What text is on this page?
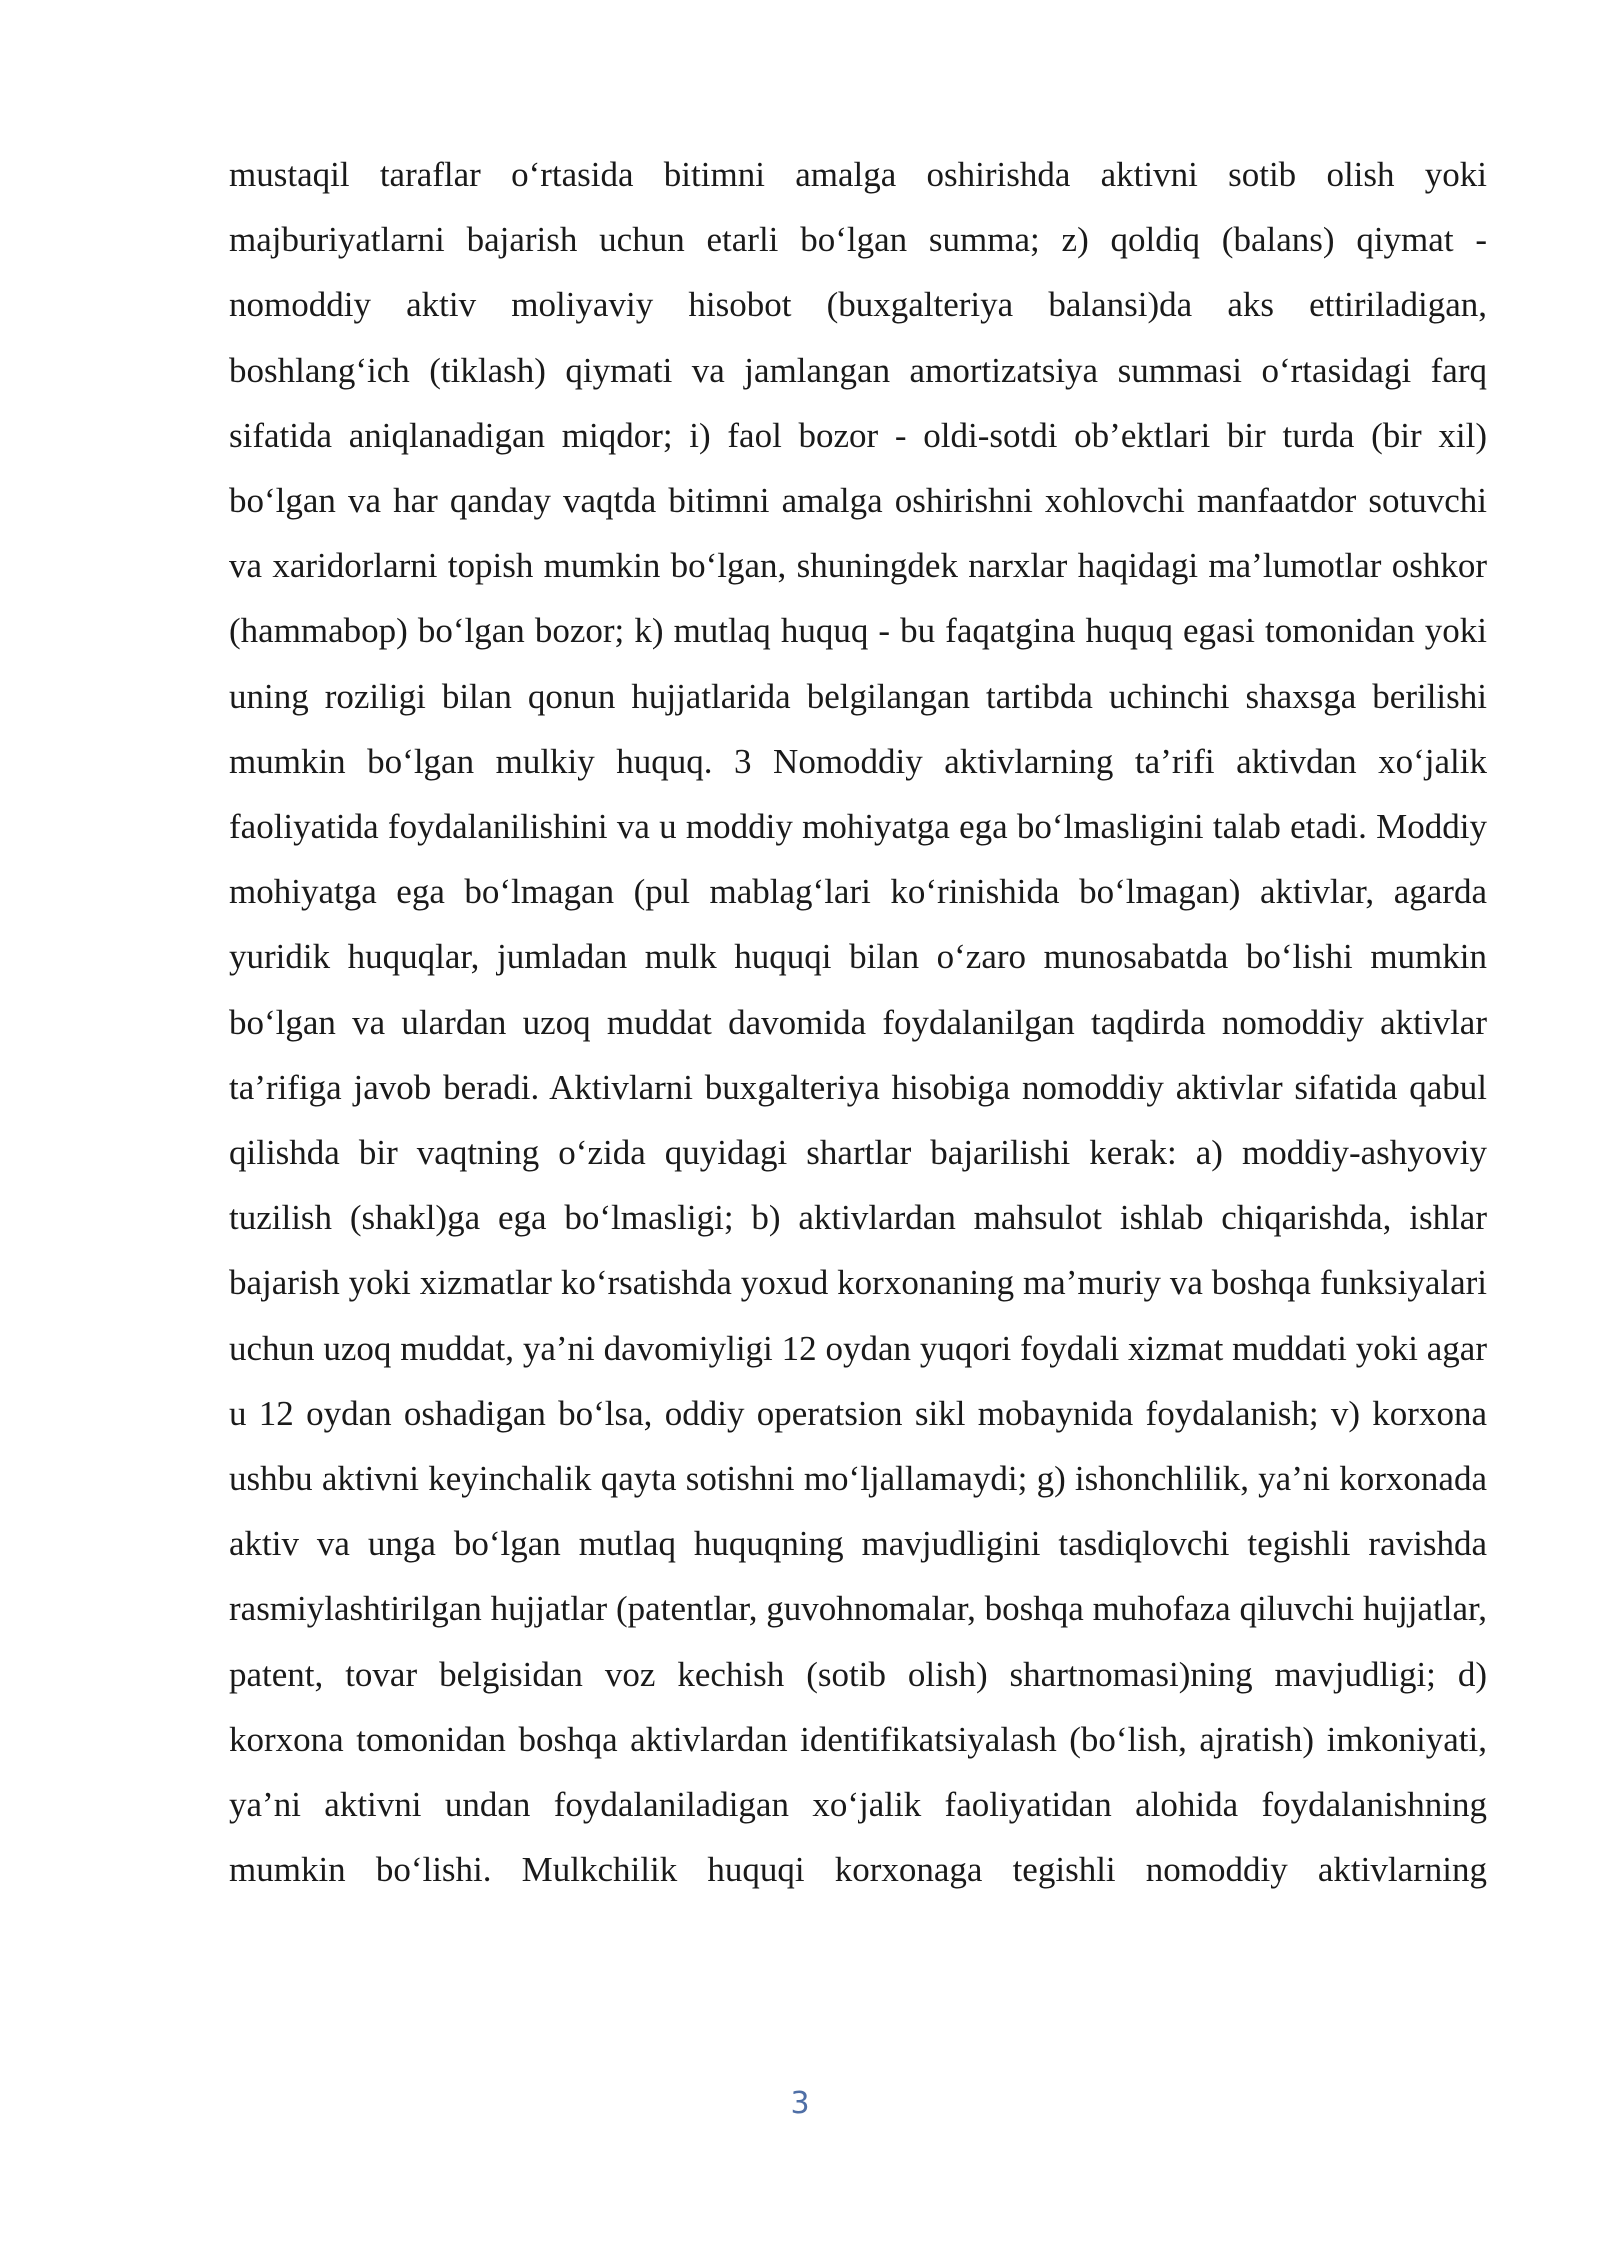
mustaqil taraflar o‘rtasida bitimni amalga oshirishda aktivni sotib olish yoki majburiyatlarni bajarish uchun etarli bo‘lgan summa; z) qoldiq (balans) qiymat - nomoddiy aktiv moliyaviy hisobot (buxgalteriya balansi)da aks ettiriladigan, boshlang‘ich (tiklash) qiymati va jamlangan amortizatsiya summasi o‘rtasidagi farq sifatida aniqlanadigan miqdor; i) faol bozor - oldi-sotdi ob’ektlari bir turda (bir xil) bo‘lgan va har qanday vaqtda bitimni amalga oshirishni xohlovchi manfaatdor sotuvchi va xaridorlarni topish mumkin bo‘lgan, shuningdek narxlar haqidagi ma’lumotlar oshkor (hammabop) bo‘lgan bozor; k) mutlaq huquq - bu faqatgina huquq egasi tomonidan yoki uning roziligi bilan qonun hujjatlarida belgilangan tartibda uchinchi shaxsga berilishi mumkin bo‘lgan mulkiy huquq. 3 Nomoddiy aktivlarning ta’rifi aktivdan xo‘jalik faoliyatida foydalanilishini va u moddiy mohiyatga ega bo‘lmasligini talab etadi. Moddiy mohiyatga ega bo‘lmagan (pul mablag‘lari ko‘rinishida bo‘lmagan) aktivlar, agarda yuridik huquqlar, jumladan mulk huquqi bilan o‘zaro munosabatda bo‘lishi mumkin bo‘lgan va ulardan uzoq muddat davomida foydalanilgan taqdirda nomoddiy aktivlar ta’rifiga javob beradi. Aktivlarni buxgalteriya hisobiga nomoddiy aktivlar sifatida qabul qilishda bir vaqtning o‘zida quyidagi shartlar bajarilishi kerak: a) moddiy-ashyoviy tuzilish (shakl)ga ega bo‘lmasligi; b) aktivlardan mahsulot ishlab chiqarishda, ishlar bajarish yoki xizmatlar ko‘rsatishda yoxud korxonaning ma’muriy va boshqa funksiyalari uchun uzoq muddat, ya’ni davomiyligi 12 oydan yuqori foydali xizmat muddati yoki agar u 12 oydan oshadigan bo‘lsa, oddiy operatsion sikl mobaynida foydalanish; v) korxona ushbu aktivni keyinchalik qayta sotishni mo‘ljallamaydi; g) ishonchlilik, ya’ni korxonada aktiv va unga bo‘lgan mutlaq huquqning mavjudligini tasdiqlovchi tegishli ravishda rasmiylashtirilgan hujjatlar (patentlar, guvohnomalar, boshqa muhofaza qiluvchi hujjatlar, patent, tovar belgisidan voz kechish (sotib olish) shartnomasi)ning mavjudligi; d) korxona tomonidan boshqa aktivlardan identifikatsiyalash (bo‘lish, ajratish) imkoniyati, ya’ni aktivni undan foydalaniladigan xo‘jalik faoliyatidan alohida foydalanishning mumkin bo‘lishi. Mulkchilik huquqi korxonaga tegishli nomoddiy aktivlarning

3
